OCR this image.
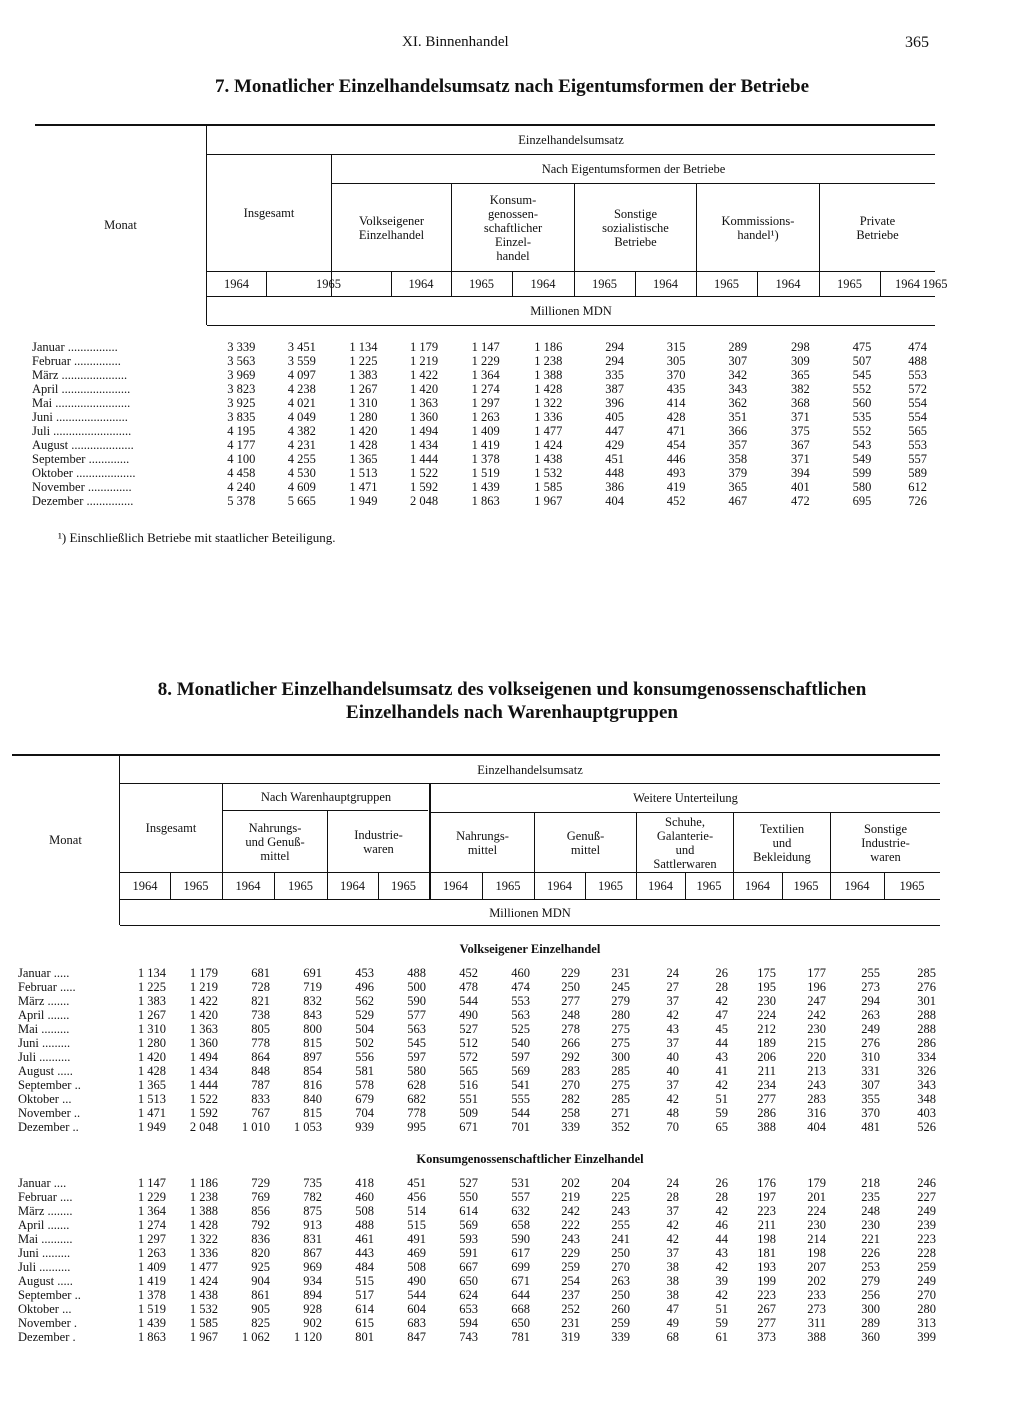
XI. Binnenhandel	365
7. Monatlicher Einzelhandelsumsatz nach Eigentumsformen der Betriebe
Monat
Einzelhandelsumsatz
Nach Eigentumsformen der Betriebe
Insgesamt
Volkseigener
Einzelhandel
Konsum-
genossen-
schaftlicher
Einzel-
handel
Sonstige
sozialistische
Betriebe
Kommissions-
handel¹)
Private
Betriebe
1964	1965	1964	1965	1964	1965	1964	1965	1964	1965	1964 1965
Millionen MDN
Januar ................	3 339	3 451	1 134	1 179	1 147	1 186	294	315	289	298	475	474
Februar ...............	3 563	3 559	1 225	1 219	1 229	1 238	294	305	307	309	507	488
März .....................	3 969	4 097	1 383	1 422	1 364	1 388	335	370	342	365	545	553
April ......................	3 823	4 238	1 267	1 420	1 274	1 428	387	435	343	382	552	572
Mai ........................	3 925	4 021	1 310	1 363	1 297	1 322	396	414	362	368	560	554
Juni .......................	3 835	4 049	1 280	1 360	1 263	1 336	405	428	351	371	535	554
Juli .........................	4 195	4 382	1 420	1 494	1 409	1 477	447	471	366	375	552	565
August ....................	4 177	4 231	1 428	1 434	1 419	1 424	429	454	357	367	543	553
September .............	4 100	4 255	1 365	1 444	1 378	1 438	451	446	358	371	549	557
Oktober ...................	4 458	4 530	1 513	1 522	1 519	1 532	448	493	379	394	599	589
November ..............	4 240	4 609	1 471	1 592	1 439	1 585	386	419	365	401	580	612
Dezember ...............	5 378	5 665	1 949	2 048	1 863	1 967	404	452	467	472	695	726
¹) Einschließlich Betriebe mit staatlicher Beteiligung.
8. Monatlicher Einzelhandelsumsatz des volkseigenen und konsumgenossenschaftlichen
Einzelhandels nach Warenhauptgruppen
Monat
Einzelhandelsumsatz
Insgesamt
Nach Warenhauptgruppen	Weitere Unterteilung
Nahrungs-
und Genuß-
mittel
Industrie-
waren
Nahrungs-
mittel
Genuß-
mittel
Schuhe,
Galanterie-
und
Sattlerwaren
Textilien
und
Bekleidung
Sonstige
Industrie-
waren
1964	1965	1964	1965	1964	1965	1964	1965	1964	1965	1964	1965	1964	1965	1964	1965
Millionen MDN
Volkseigener Einzelhandel
Januar .....	1 134	1 179	681	691	453	488	452	460	229	231	24	26	175	177	255	285
Februar .....	1 225	1 219	728	719	496	500	478	474	250	245	27	28	195	196	273	276
März .......	1 383	1 422	821	832	562	590	544	553	277	279	37	42	230	247	294	301
April .......	1 267	1 420	738	843	529	577	490	563	248	280	42	47	224	242	263	288
Mai .........	1 310	1 363	805	800	504	563	527	525	278	275	43	45	212	230	249	288
Juni .........	1 280	1 360	778	815	502	545	512	540	266	275	37	44	189	215	276	286
Juli ..........	1 420	1 494	864	897	556	597	572	597	292	300	40	43	206	220	310	334
August .....	1 428	1 434	848	854	581	580	565	569	283	285	40	41	211	213	331	326
September ..	1 365	1 444	787	816	578	628	516	541	270	275	37	42	234	243	307	343
Oktober ...	1 513	1 522	833	840	679	682	551	555	282	285	42	51	277	283	355	348
November ..	1 471	1 592	767	815	704	778	509	544	258	271	48	59	286	316	370	403
Dezember ..	1 949	2 048	1 010	1 053	939	995	671	701	339	352	70	65	388	404	481	526
Konsumgenossenschaftlicher Einzelhandel
Januar ....	1 147	1 186	729	735	418	451	527	531	202	204	24	26	176	179	218	246
Februar ....	1 229	1 238	769	782	460	456	550	557	219	225	28	28	197	201	235	227
März ........	1 364	1 388	856	875	508	514	614	632	242	243	37	42	223	224	248	249
April .......	1 274	1 428	792	913	488	515	569	658	222	255	42	46	211	230	230	239
Mai ..........	1 297	1 322	836	831	461	491	593	590	243	241	42	44	198	214	221	223
Juni .........	1 263	1 336	820	867	443	469	591	617	229	250	37	43	181	198	226	228
Juli ..........	1 409	1 477	925	969	484	508	667	699	259	270	38	42	193	207	253	259
August .....	1 419	1 424	904	934	515	490	650	671	254	263	38	39	199	202	279	249
September ..	1 378	1 438	861	894	517	544	624	644	237	250	38	42	223	233	256	270
Oktober ...	1 519	1 532	905	928	614	604	653	668	252	260	47	51	267	273	300	280
November .	1 439	1 585	825	902	615	683	594	650	231	259	49	59	277	311	289	313
Dezember .	1 863	1 967	1 062	1 120	801	847	743	781	319	339	68	61	373	388	360	399
